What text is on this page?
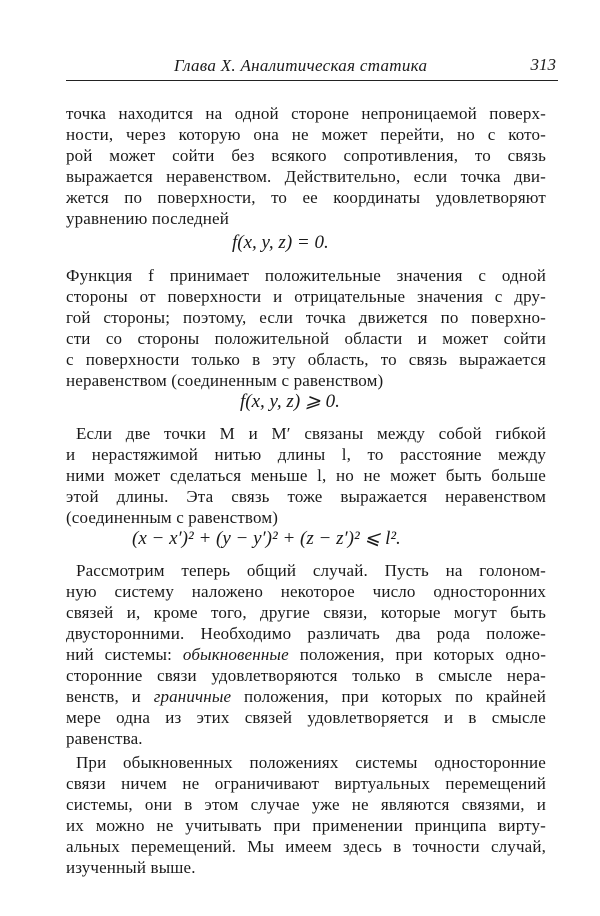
Глава X. Аналитическая статика	313
точка находится на одной стороне непроницаемой поверх-
ности, через которую она не может перейти, но с кото-
рой может сойти без всякого сопротивления, то связь
выражается неравенством. Действительно, если точка дви-
жется по поверхности, то ее координаты удовлетворяют
уравнению последней
f(x, y, z) = 0.
Функция f принимает положительные значения с одной
стороны от поверхности и отрицательные значения с дру-
гой стороны; поэтому, если точка движется по поверхно-
сти со стороны положительной области и может сойти
с поверхности только в эту область, то связь выражается
неравенством (соединенным с равенством)
f(x, y, z) ⩾ 0.
Если две точки M и M′ связаны между собой гибкой
и нерастяжимой нитью длины l, то расстояние между
ними может сделаться меньше l, но не может быть больше
этой длины. Эта связь тоже выражается неравенством
(соединенным с равенством)
(x − x′)² + (y − y′)² + (z − z′)² ⩽ l².
Рассмотрим теперь общий случай. Пусть на голоном-
ную систему наложено некоторое число односторонних
связей и, кроме того, другие связи, которые могут быть
двусторонними. Необходимо различать два рода положе-
ний системы: обыкновенные положения, при которых одно-
сторонние связи удовлетворяются только в смысле нера-
венств, и граничные положения, при которых по крайней
мере одна из этих связей удовлетворяется и в смысле
равенства.
При обыкновенных положениях системы односторонние
связи ничем не ограничивают виртуальных перемещений
системы, они в этом случае уже не являются связями, и
их можно не учитывать при применении принципа вирту-
альных перемещений. Мы имеем здесь в точности случай,
изученный выше.
